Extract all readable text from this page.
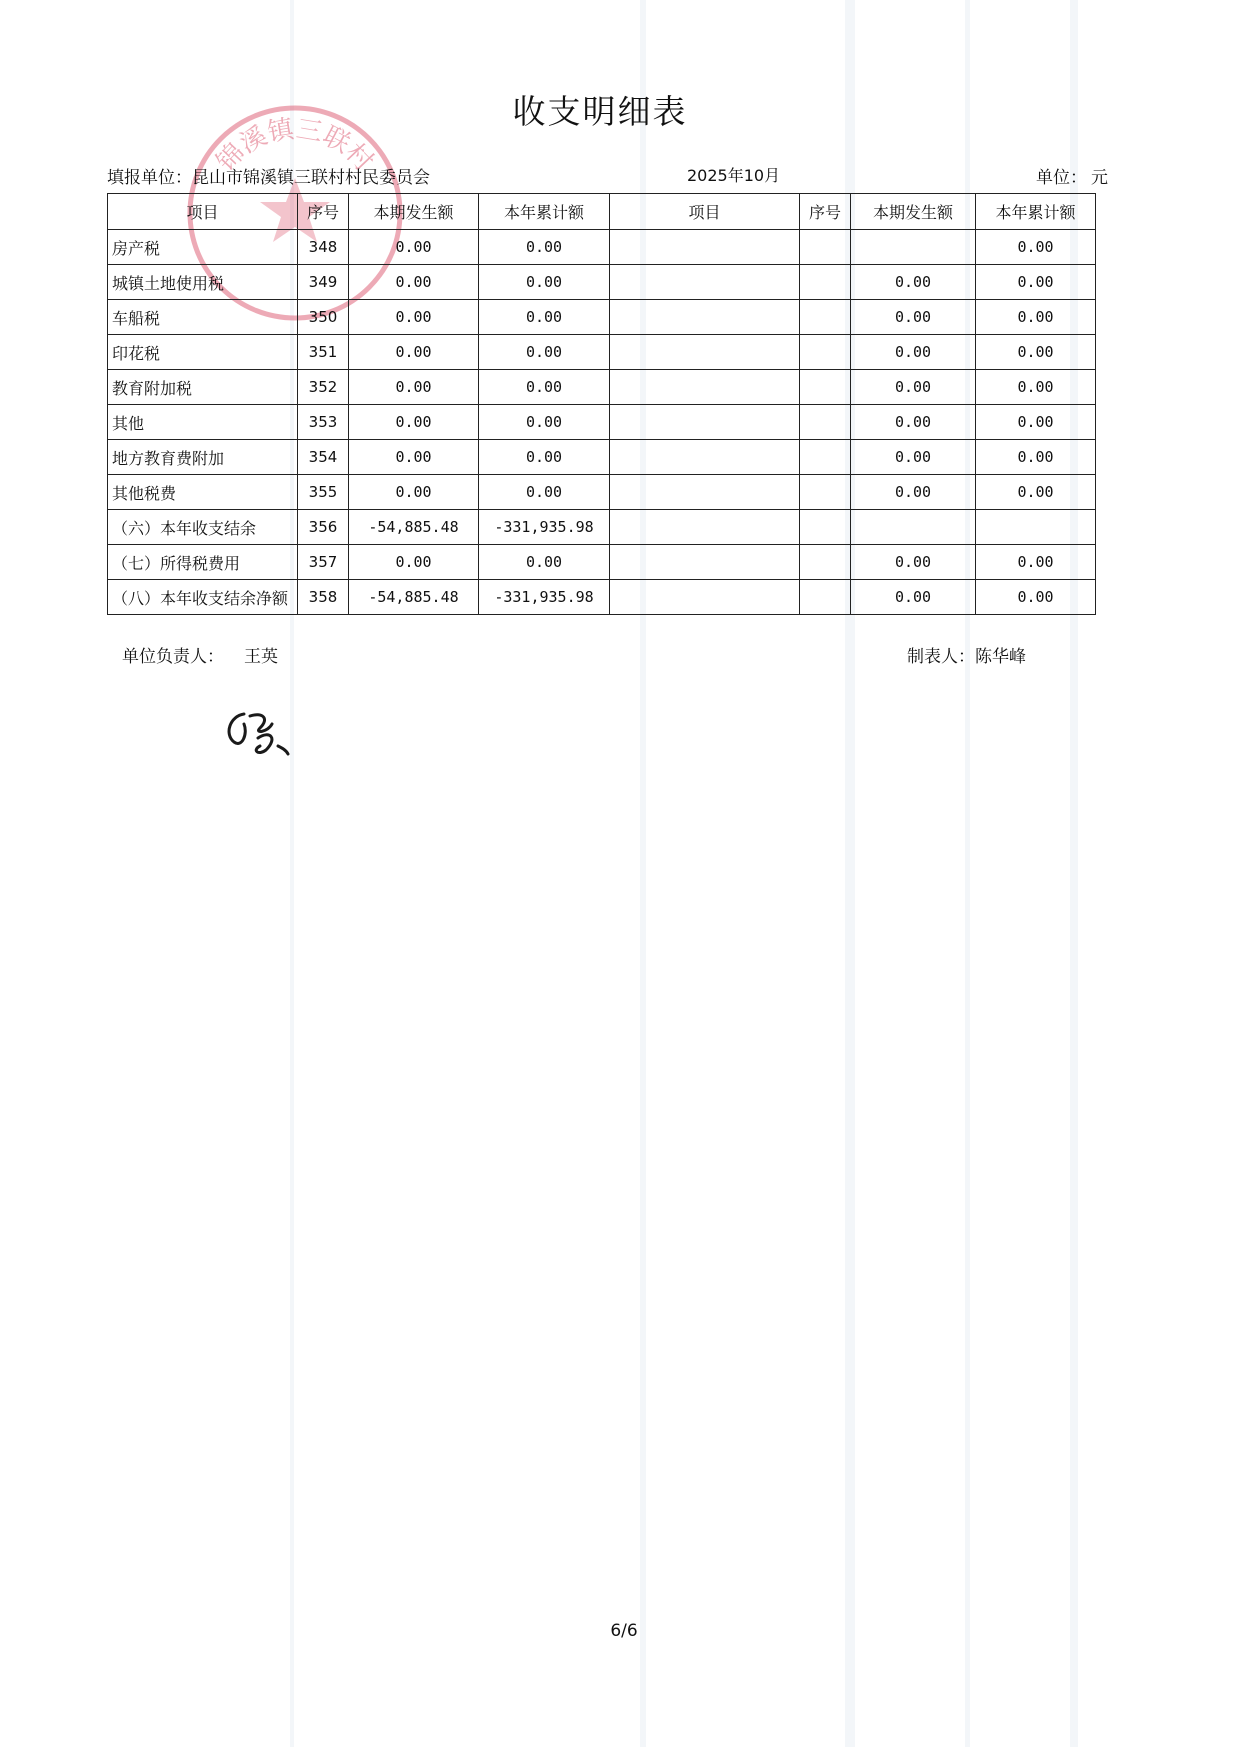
锦溪镇三联村
收支明细表
填报单位：昆山市锦溪镇三联村村民委员会	2025年10月	单位： 元
项目	序号	本期发生额	本年累计额	项目	序号	本期发生额	本年累计额
房产税	348	0.00	0.00				0.00
城镇土地使用税	349	0.00	0.00			0.00	0.00
车船税	350	0.00	0.00			0.00	0.00
印花税	351	0.00	0.00			0.00	0.00
教育附加税	352	0.00	0.00			0.00	0.00
其他	353	0.00	0.00			0.00	0.00
地方教育费附加	354	0.00	0.00			0.00	0.00
其他税费	355	0.00	0.00			0.00	0.00
（六）本年收支结余	356	-54,885.48	-331,935.98				
（七）所得税费用	357	0.00	0.00			0.00	0.00
（八）本年收支结余净额	358	-54,885.48	-331,935.98			0.00	0.00
单位负责人： 王英	制表人：陈华峰
6/6
